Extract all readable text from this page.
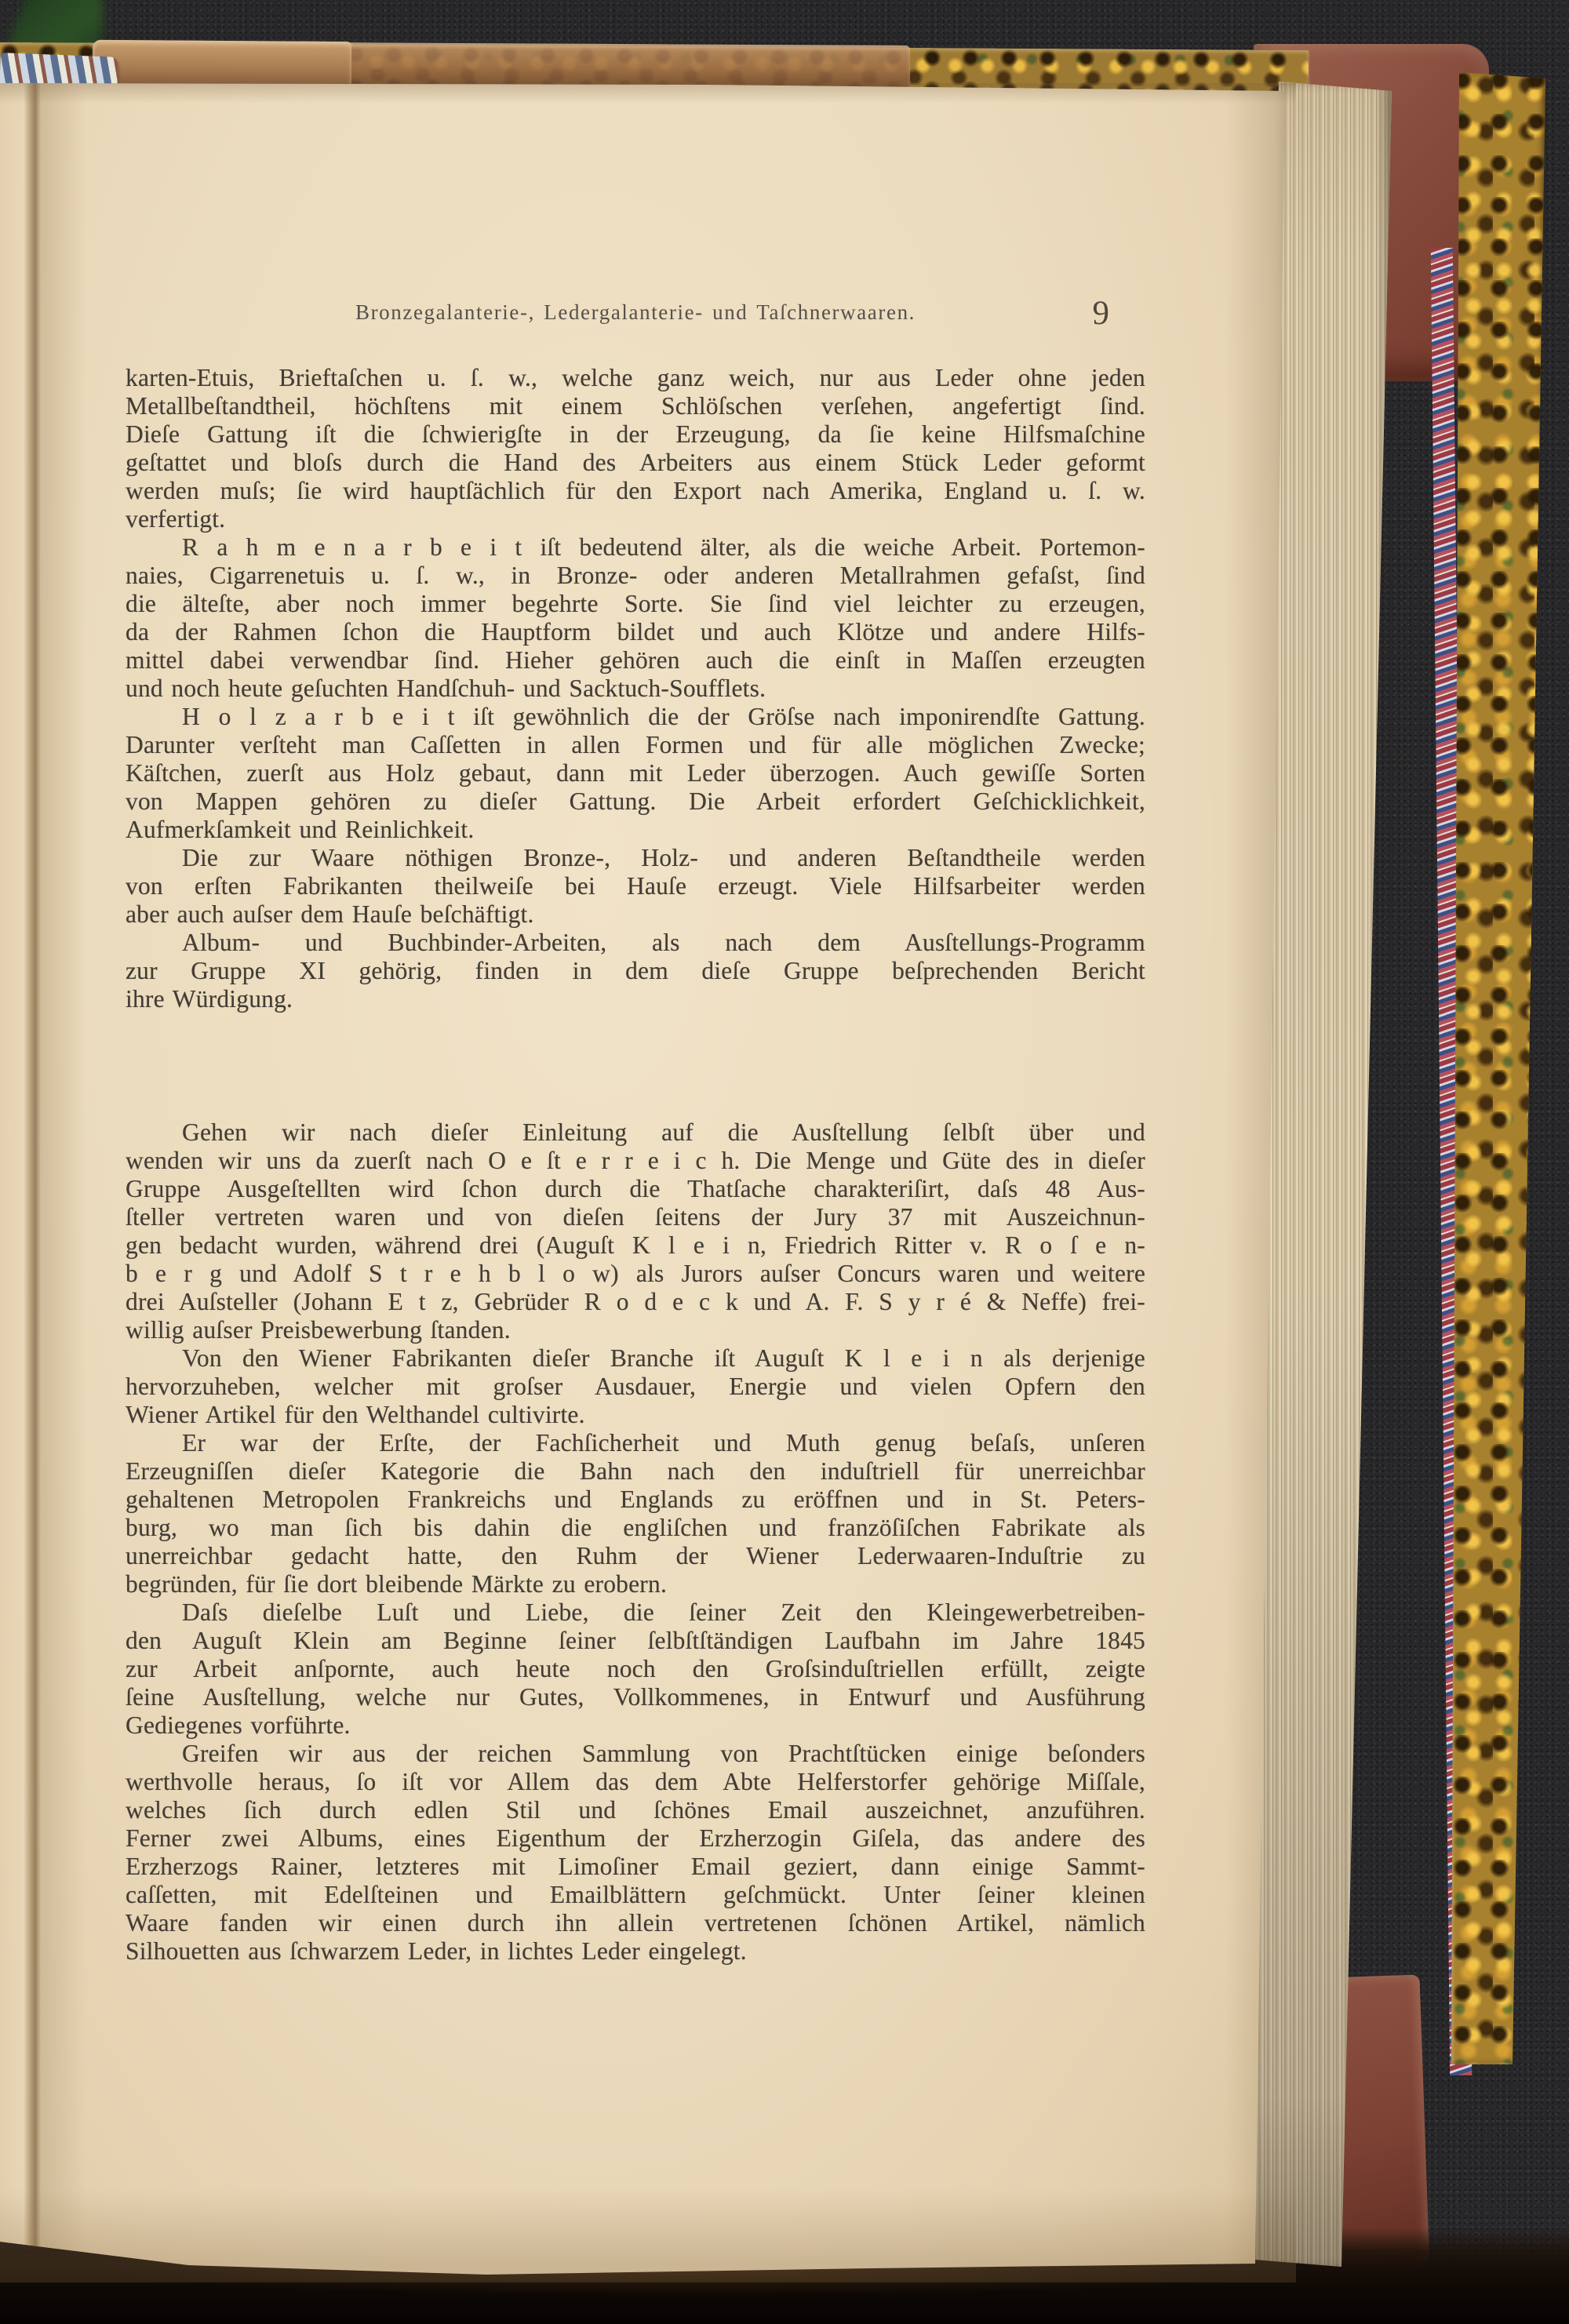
Bronzegalanterie-, Ledergalanterie- und Taſchnerwaaren.	9
karten-Etuis, Brieftaſchen u. ſ. w., welche ganz weich, nur aus Leder ohne jeden
Metallbeſtandtheil, höchſtens mit einem Schlöſschen verſehen, angefertigt ſind.
Dieſe Gattung iſt die ſchwierigſte in der Erzeugung, da ſie keine Hilfsmaſchine
geſtattet und bloſs durch die Hand des Arbeiters aus einem Stück Leder geformt
werden muſs; ſie wird hauptſächlich für den Export nach Amerika, England u. ſ. w.
verfertigt.
R a h m e n a r b e i t iſt bedeutend älter, als die weiche Arbeit. Portemon-
naies, Cigarrenetuis u. ſ. w., in Bronze- oder anderen Metallrahmen gefaſst, ſind
die älteſte, aber noch immer begehrte Sorte. Sie ſind viel leichter zu erzeugen,
da der Rahmen ſchon die Hauptform bildet und auch Klötze und andere Hilfs-
mittel dabei verwendbar ſind. Hieher gehören auch die einſt in Maſſen erzeugten
und noch heute geſuchten Handſchuh- und Sacktuch-Soufflets.
H o l z a r b e i t iſt gewöhnlich die der Gröſse nach imponirendſte Gattung.
Darunter verſteht man Caſſetten in allen Formen und für alle möglichen Zwecke;
Käſtchen, zuerſt aus Holz gebaut, dann mit Leder überzogen. Auch gewiſſe Sorten
von Mappen gehören zu dieſer Gattung. Die Arbeit erfordert Geſchicklichkeit,
Aufmerkſamkeit und Reinlichkeit.
Die zur Waare nöthigen Bronze-, Holz- und anderen Beſtandtheile werden
von erſten Fabrikanten theilweiſe bei Hauſe erzeugt. Viele Hilfsarbeiter werden
aber auch auſser dem Hauſe beſchäftigt.
Album- und Buchbinder-Arbeiten, als nach dem Ausſtellungs-Programm
zur Gruppe XI gehörig, finden in dem dieſe Gruppe beſprechenden Bericht
ihre Würdigung.
Gehen wir nach dieſer Einleitung auf die Ausſtellung ſelbſt über und
wenden wir uns da zuerſt nach O e ſt e r r e i c h. Die Menge und Güte des in dieſer
Gruppe Ausgeſtellten wird ſchon durch die Thatſache charakteriſirt, daſs 48 Aus-
ſteller vertreten waren und von dieſen ſeitens der Jury 37 mit Auszeichnun-
gen bedacht wurden, während drei (Auguſt K l e i n, Friedrich Ritter v. R o ſ e n-
b e r g und Adolf S t r e h b l o w) als Jurors auſser Concurs waren und weitere
drei Auſsteller (Johann E t z, Gebrüder R o d e c k und A. F. S y r é & Neffe) frei-
willig auſser Preisbewerbung ſtanden.
Von den Wiener Fabrikanten dieſer Branche iſt Auguſt K l e i n als derjenige
hervorzuheben, welcher mit groſser Ausdauer, Energie und vielen Opfern den
Wiener Artikel für den Welthandel cultivirte.
Er war der Erſte, der Fachſicherheit und Muth genug beſaſs, unſeren
Erzeugniſſen dieſer Kategorie die Bahn nach den induſtriell für unerreichbar
gehaltenen Metropolen Frankreichs und Englands zu eröffnen und in St. Peters-
burg, wo man ſich bis dahin die engliſchen und franzöſiſchen Fabrikate als
unerreichbar gedacht hatte, den Ruhm der Wiener Lederwaaren-Induſtrie zu
begründen, für ſie dort bleibende Märkte zu erobern.
Daſs dieſelbe Luſt und Liebe, die ſeiner Zeit den Kleingewerbetreiben-
den Auguſt Klein am Beginne ſeiner ſelbſtſtändigen Laufbahn im Jahre 1845
zur Arbeit anſpornte, auch heute noch den Groſsinduſtriellen erfüllt, zeigte
ſeine Ausſtellung, welche nur Gutes, Vollkommenes, in Entwurf und Ausführung
Gediegenes vorführte.
Greifen wir aus der reichen Sammlung von Prachtſtücken einige beſonders
werthvolle heraus, ſo iſt vor Allem das dem Abte Helferstorfer gehörige Miſſale,
welches ſich durch edlen Stil und ſchönes Email auszeichnet, anzuführen.
Ferner zwei Albums, eines Eigenthum der Erzherzogin Giſela, das andere des
Erzherzogs Rainer, letzteres mit Limoſiner Email geziert, dann einige Sammt-
caſſetten, mit Edelſteinen und Emailblättern geſchmückt. Unter ſeiner kleinen
Waare fanden wir einen durch ihn allein vertretenen ſchönen Artikel, nämlich
Silhouetten aus ſchwarzem Leder, in lichtes Leder eingelegt.
